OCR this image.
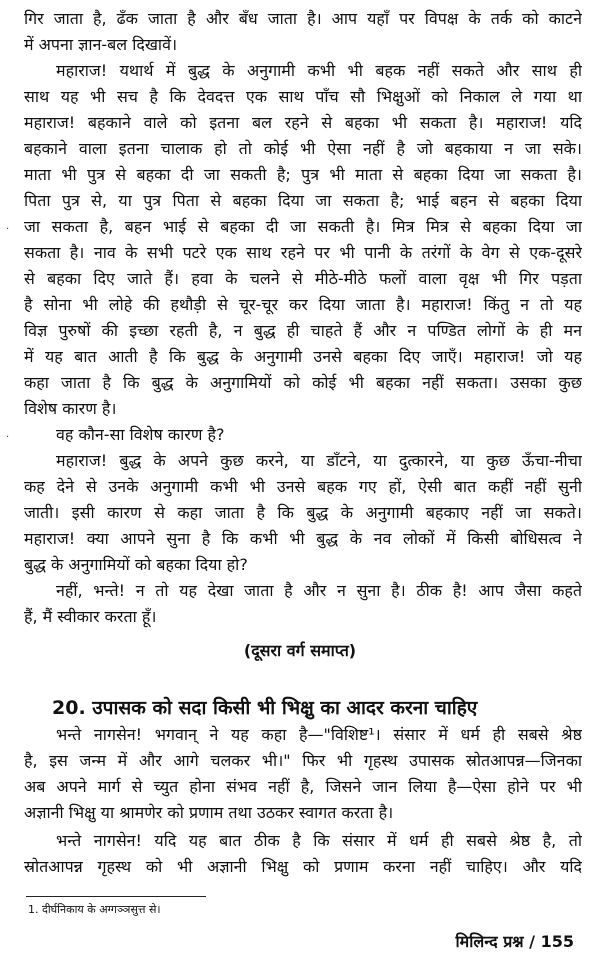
गिर जाता है, ढँक जाता है और बँध जाता है। आप यहाँ पर विपक्ष के तर्क को काटने
में अपना ज्ञान-बल दिखावें।
महाराज! यथार्थ में बुद्ध के अनुगामी कभी भी बहक नहीं सकते और साथ ही
साथ यह भी सच है कि देवदत्त एक साथ पाँच सौ भिक्षुओं को निकाल ले गया था
महाराज! बहकाने वाले को इतना बल रहने से बहका भी सकता है। महाराज! यदि
बहकाने वाला इतना चालाक हो तो कोई भी ऐसा नहीं है जो बहकाया न जा सके।
माता भी पुत्र से बहका दी जा सकती है; पुत्र भी माता से बहका दिया जा सकता है।
पिता पुत्र से, या पुत्र पिता से बहका दिया जा सकता है; भाई बहन से बहका दिया
जा सकता है, बहन भाई से बहका दी जा सकती है। मित्र मित्र से बहका दिया जा
सकता है। नाव के सभी पटरे एक साथ रहने पर भी पानी के तरंगों के वेग से एक-दूसरे
से बहका दिए जाते हैं। हवा के चलने से मीठे-मीठे फलों वाला वृक्ष भी गिर पड़ता
है सोना भी लोहे की हथौड़ी से चूर-चूर कर दिया जाता है। महाराज! किंतु न तो यह
विज्ञ पुरुषों की इच्छा रहती है, न बुद्ध ही चाहते हैं और न पण्डित लोगों के ही मन
में यह बात आती है कि बुद्ध के अनुगामी उनसे बहका दिए जाएँ। महाराज! जो यह
कहा जाता है कि बुद्ध के अनुगामियों को कोई भी बहका नहीं सकता। उसका कुछ
विशेष कारण है।
वह कौन-सा विशेष कारण है?
महाराज! बुद्ध के अपने कुछ करने, या डाँटने, या दुत्कारने, या कुछ ऊँचा-नीचा
कह देने से उनके अनुगामी कभी भी उनसे बहक गए हों, ऐसी बात कहीं नहीं सुनी
जाती। इसी कारण से कहा जाता है कि बुद्ध के अनुगामी बहकाए नहीं जा सकते।
महाराज! क्या आपने सुना है कि कभी भी बुद्ध के नव लोकों में किसी बोधिसत्व ने
बुद्ध के अनुगामियों को बहका दिया हो?
नहीं, भन्ते! न तो यह देखा जाता है और न सुना है। ठीक है! आप जैसा कहते
हैं, मैं स्वीकार करता हूँ।
(दूसरा वर्ग समाप्त)
20. उपासक को सदा किसी भी भिक्षु का आदर करना चाहिए
भन्ते नागसेन! भगवान् ने यह कहा है—"विशिष्ट¹। संसार में धर्म ही सबसे श्रेष्ठ
है, इस जन्म में और आगे चलकर भी।" फिर भी गृहस्थ उपासक स्रोतआपन्न—जिनका
अब अपने मार्ग से च्युत होना संभव नहीं है, जिसने जान लिया है—ऐसा होने पर भी
अज्ञानी भिक्षु या श्रामणेर को प्रणाम तथा उठकर स्वागत करता है।
भन्ते नागसेन! यदि यह बात ठीक है कि संसार में धर्म ही सबसे श्रेष्ठ है, तो
स्रोतआपन्न गृहस्थ को भी अज्ञानी भिक्षु को प्रणाम करना नहीं चाहिए। और यदि
1. दीर्घनिकाय के अग्गञ्ञसुत्त से।
मिलिन्द प्रश्न / 155
·
·
